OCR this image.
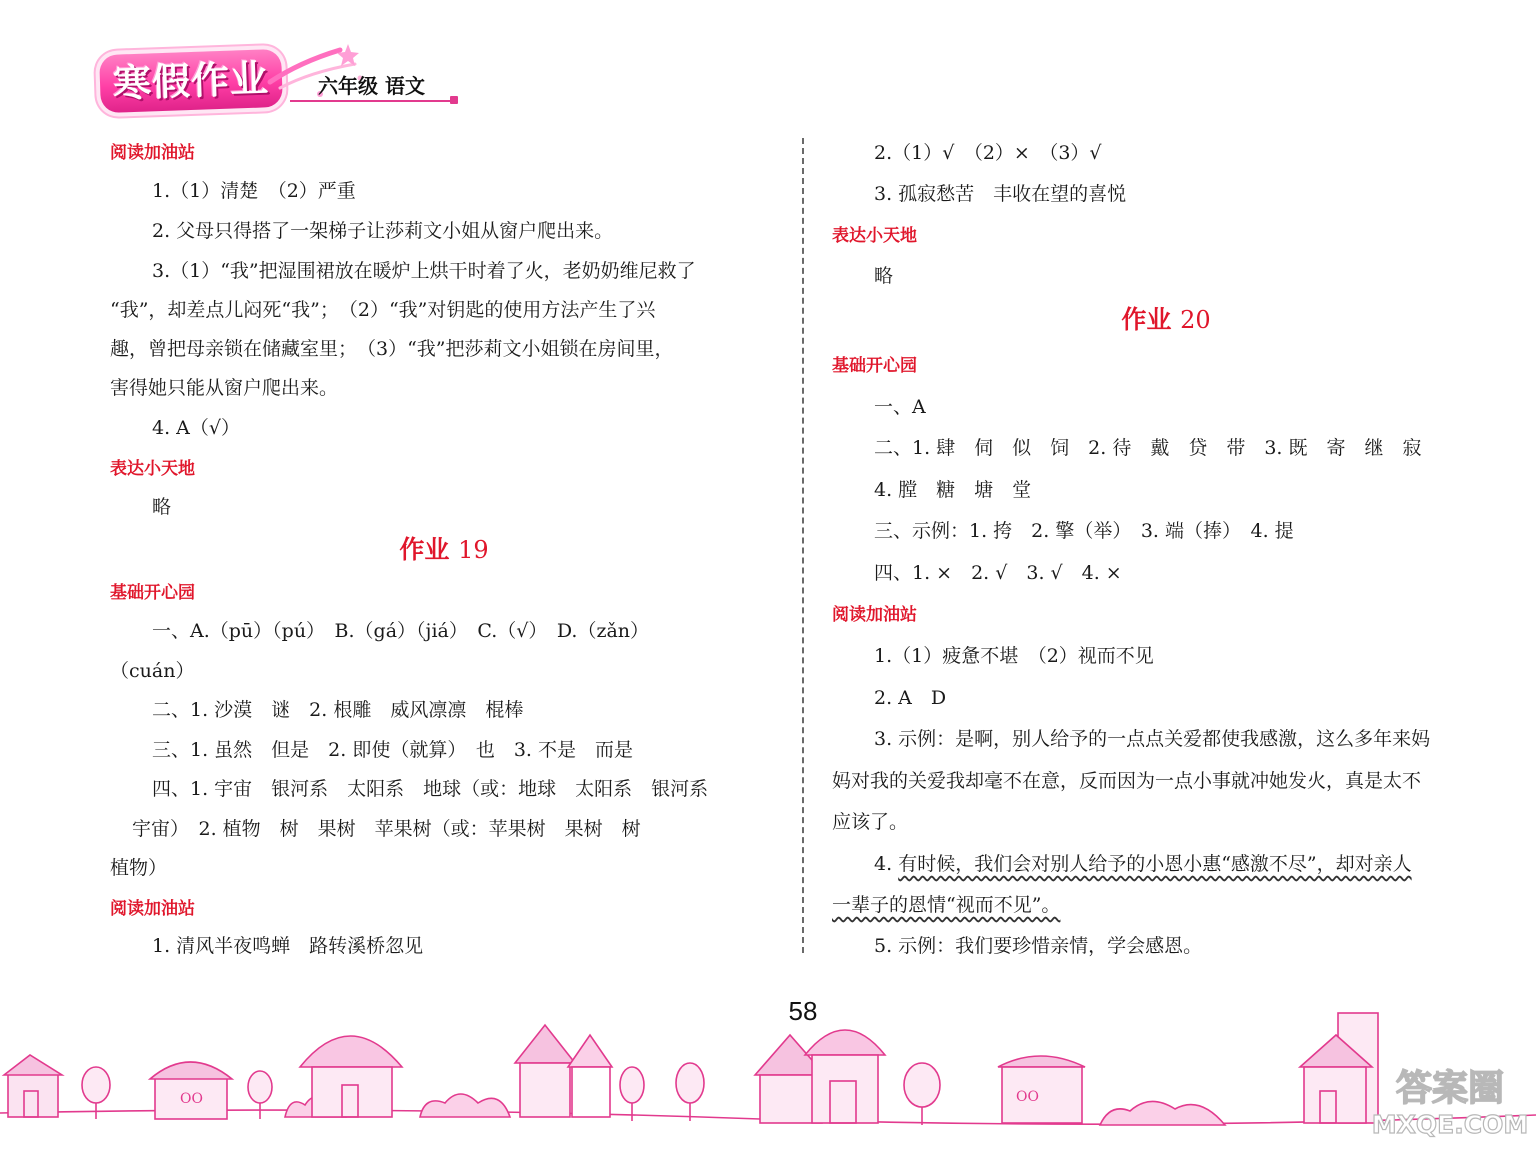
寒假作业	六年级 语文
阅读加油站
1.（1）清楚　（2）严重
2. 父母只得搭了一架梯子让莎莉文小姐从窗户爬出来。
3.（1）“我”把湿围裙放在暖炉上烘干时着了火，老奶奶维尼救了
“我”，却差点儿闷死“我”；　（2）“我”对钥匙的使用方法产生了兴
趣，曾把母亲锁在储藏室里；　（3）“我”把莎莉文小姐锁在房间里，
害得她只能从窗户爬出来。
4. A（√）
表达小天地
略
作业 19
基础开心园
一、A.（pū）（pú）　B.（gá）（jiá）　C.（√）　D.（zǎn）
（cuán）
二、1. 沙漠　谜　2. 根雕　威风凛凛　棍棒
三、1. 虽然　但是　2. 即使（就算）　也　3. 不是　而是
四、1. 宇宙　银河系　太阳系　地球（或：地球　太阳系　银河系
宇宙）　2. 植物　树　果树　苹果树（或：苹果树　果树　树
植物）
阅读加油站
1. 清风半夜鸣蝉　路转溪桥忽见
2.（1）√　（2）×　（3）√
3. 孤寂愁苦　丰收在望的喜悦
表达小天地
略
作业 20
基础开心园
一、A
二、1. 肆　伺　似　饲　2. 待　戴　贷　带　3. 既　寄　继　寂
4. 膛　糖　塘　堂
三、示例：1. 挎　2. 擎（举）　3. 端（捧）　4. 提
四、1. ×　2. √　3. √　4. ×
阅读加油站
1.（1）疲惫不堪　（2）视而不见
2. A　D
3. 示例：是啊，别人给予的一点点关爱都使我感激，这么多年来妈
妈对我的关爱我却毫不在意，反而因为一点小事就冲她发火，真是太不
应该了。
4. 有时候，我们会对别人给予的小恩小惠“感激不尽”，却对亲人
一辈子的恩情“视而不见”。
5. 示例：我们要珍惜亲情，学会感恩。
58
OO	OO	答案圈
MXQE.COM
